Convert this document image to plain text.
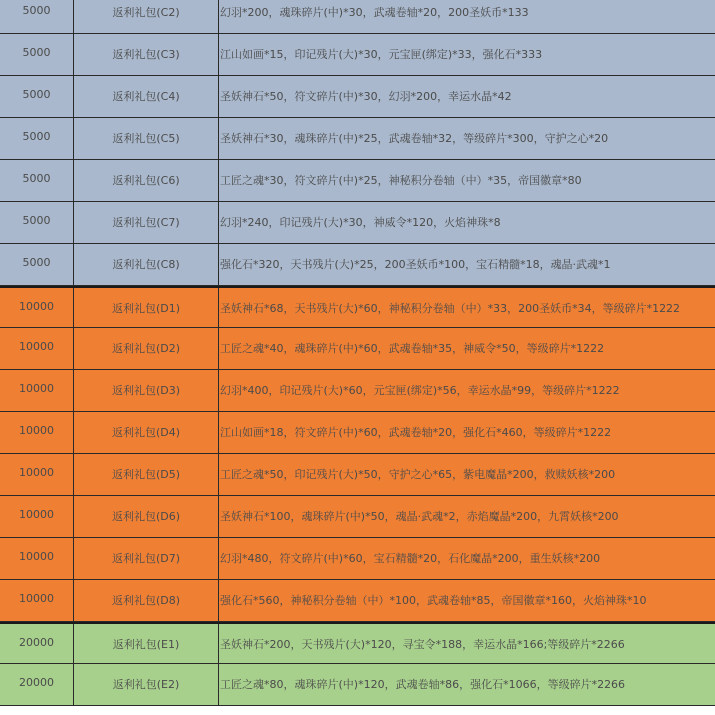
5000	返利礼包(C2)	幻羽*200，魂珠碎片(中)*30，武魂卷轴*20，200圣妖币*133
5000	返利礼包(C3)	江山如画*15，印记残片(大)*30，元宝匣(绑定)*33，强化石*333
5000	返利礼包(C4)	圣妖神石*50，符文碎片(中)*30，幻羽*200，幸运水晶*42
5000	返利礼包(C5)	圣妖神石*30，魂珠碎片(中)*25，武魂卷轴*32，等级碎片*300，守护之心*20
5000	返利礼包(C6)	工匠之魂*30，符文碎片(中)*25，神秘积分卷轴（中）*35，帝国徽章*80
5000	返利礼包(C7)	幻羽*240，印记残片(大)*30，神威令*120，火焰神珠*8
5000	返利礼包(C8)	强化石*320，天书残片(大)*25，200圣妖币*100，宝石精髓*18，魂晶·武魂*1
10000	返利礼包(D1)	圣妖神石*68，天书残片(大)*60，神秘积分卷轴（中）*33，200圣妖币*34，等级碎片*1222
10000	返利礼包(D2)	工匠之魂*40，魂珠碎片(中)*60，武魂卷轴*35，神威令*50，等级碎片*1222
10000	返利礼包(D3)	幻羽*400，印记残片(大)*60，元宝匣(绑定)*56，幸运水晶*99，等级碎片*1222
10000	返利礼包(D4)	江山如画*18，符文碎片(中)*60，武魂卷轴*20，强化石*460，等级碎片*1222
10000	返利礼包(D5)	工匠之魂*50，印记残片(大)*50，守护之心*65，紫电魔晶*200，救赎妖核*200
10000	返利礼包(D6)	圣妖神石*100，魂珠碎片(中)*50，魂晶·武魂*2，赤焰魔晶*200，九霄妖核*200
10000	返利礼包(D7)	幻羽*480，符文碎片(中)*60，宝石精髓*20，石化魔晶*200，重生妖核*200
10000	返利礼包(D8)	强化石*560，神秘积分卷轴（中）*100，武魂卷轴*85，帝国徽章*160，火焰神珠*10
20000	返利礼包(E1)	圣妖神石*200，天书残片(大)*120，寻宝令*188，幸运水晶*166;等级碎片*2266
20000	返利礼包(E2)	工匠之魂*80，魂珠碎片(中)*120，武魂卷轴*86，强化石*1066，等级碎片*2266
